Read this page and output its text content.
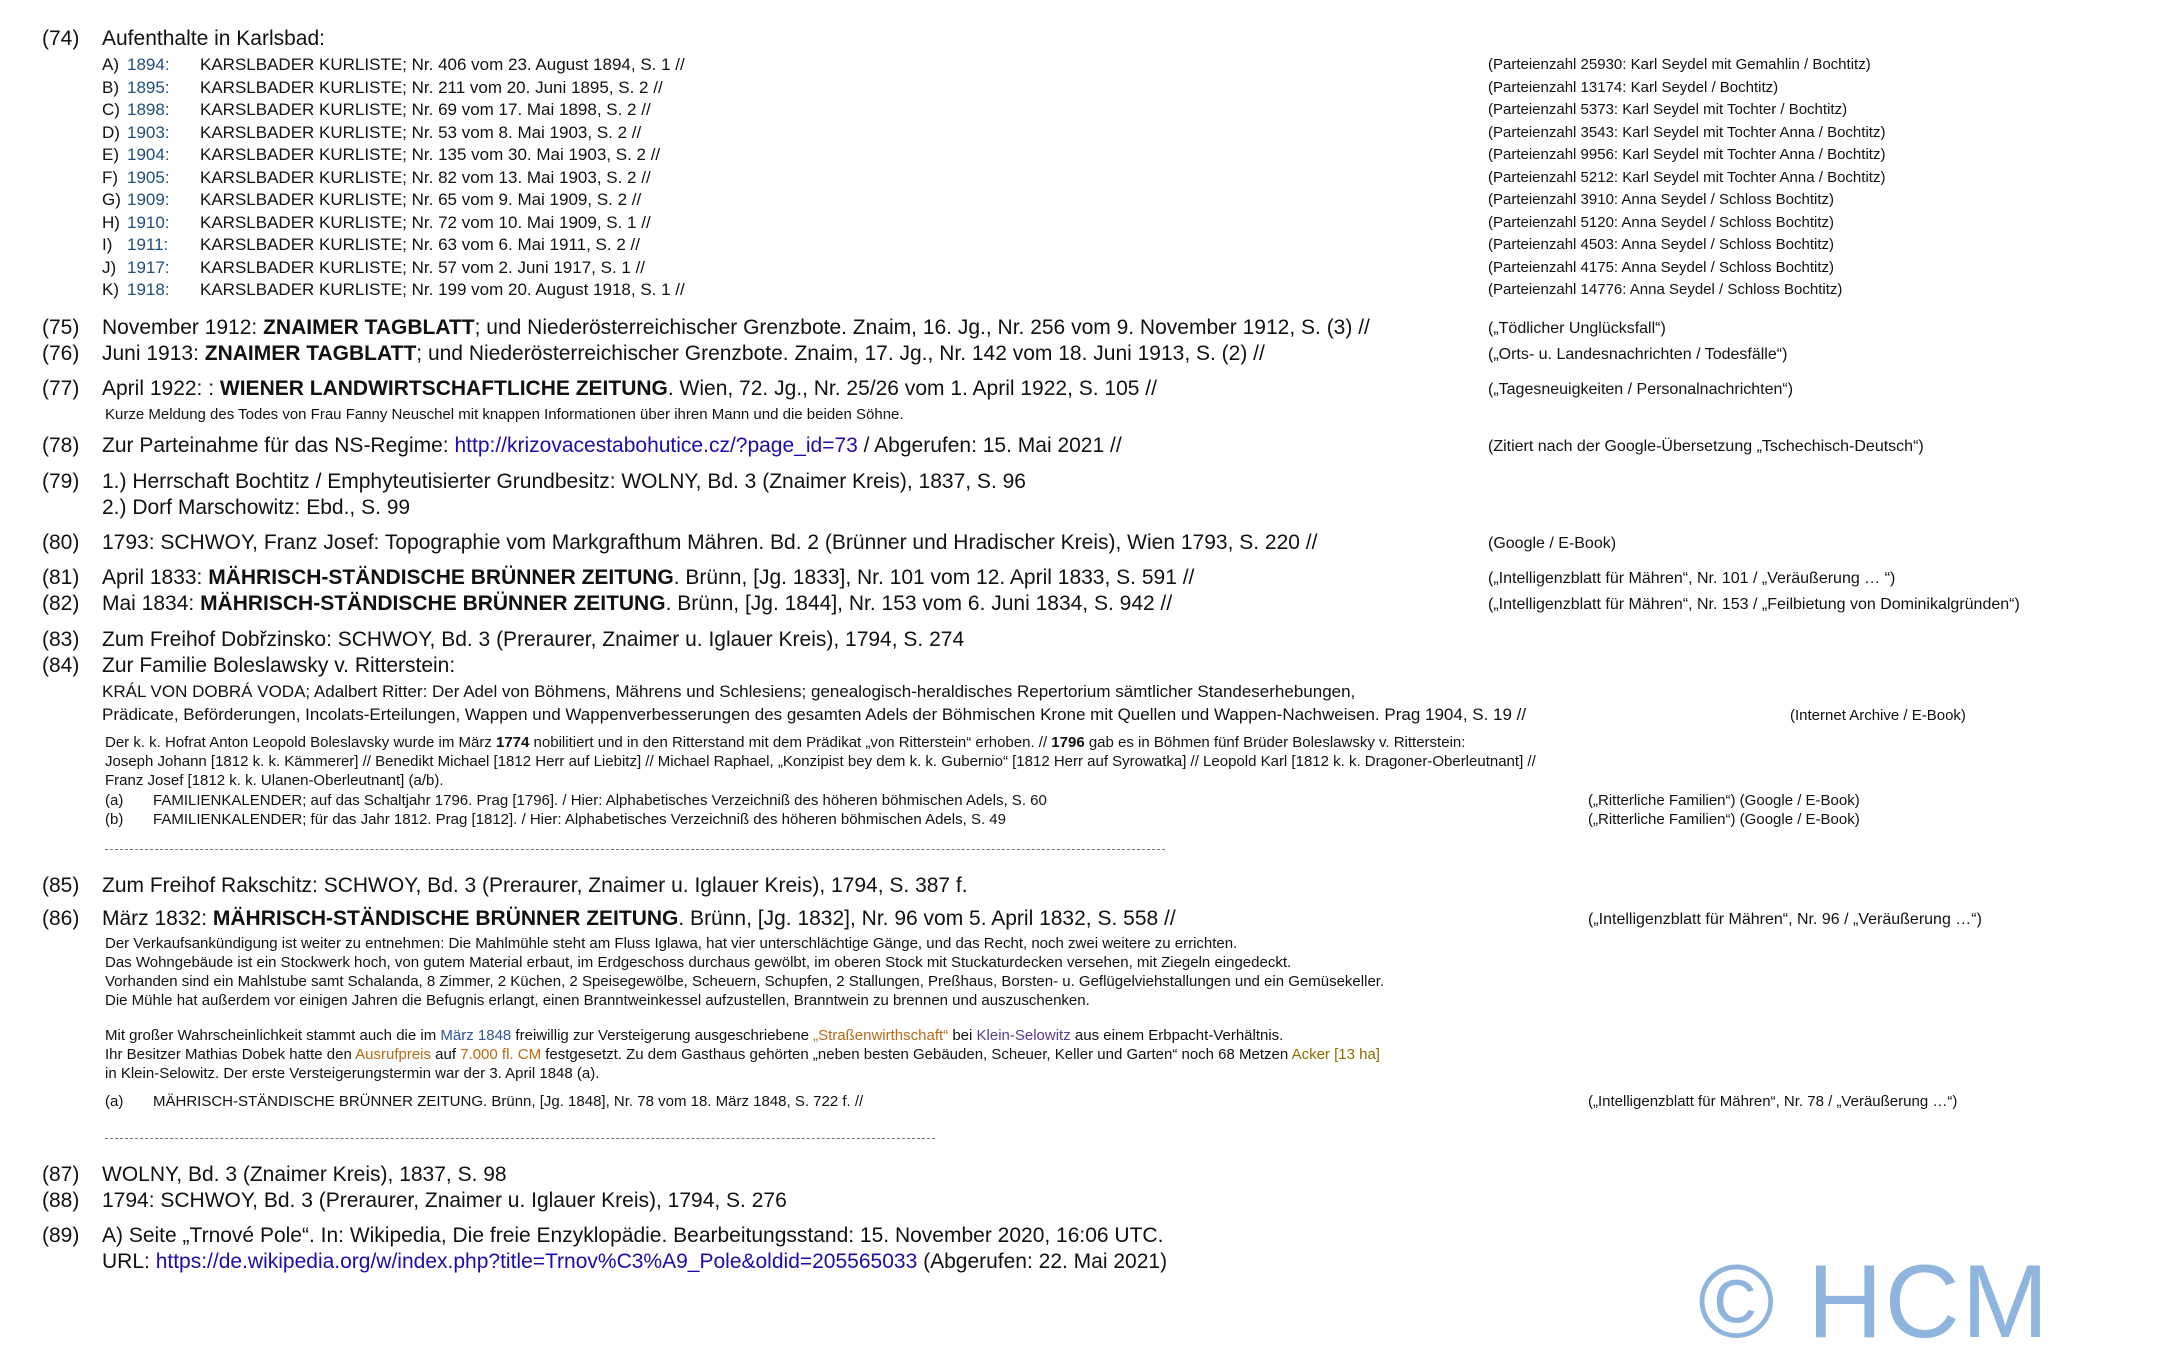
(74) Aufenthalte in Karlsbad:
A) 1894: KARSLBADER KURLISTE; Nr. 406 vom 23. August 1894, S. 1 //	(Parteienzahl 25930: Karl Seydel mit Gemahlin / Bochtitz)
B) 1895: KARSLBADER KURLISTE; Nr. 211 vom 20. Juni 1895, S. 2 //	(Parteienzahl 13174: Karl Seydel / Bochtitz)
C) 1898: KARSLBADER KURLISTE; Nr. 69 vom 17. Mai 1898, S. 2 //	(Parteienzahl 5373: Karl Seydel mit Tochter / Bochtitz)
D) 1903: KARSLBADER KURLISTE; Nr. 53 vom 8. Mai 1903, S. 2 //	(Parteienzahl 3543: Karl Seydel mit Tochter Anna / Bochtitz)
E) 1904: KARSLBADER KURLISTE; Nr. 135 vom 30. Mai 1903, S. 2 //	(Parteienzahl 9956: Karl Seydel mit Tochter Anna / Bochtitz)
F) 1905: KARSLBADER KURLISTE; Nr. 82 vom 13. Mai 1903, S. 2 //	(Parteienzahl 5212: Karl Seydel mit Tochter Anna / Bochtitz)
G) 1909: KARSLBADER KURLISTE; Nr. 65 vom 9. Mai 1909, S. 2 //	(Parteienzahl 3910: Anna Seydel / Schloss Bochtitz)
H) 1910: KARSLBADER KURLISTE; Nr. 72 vom 10. Mai 1909, S. 1 //	(Parteienzahl 5120: Anna Seydel / Schloss Bochtitz)
I) 1911: KARSLBADER KURLISTE; Nr. 63 vom 6. Mai 1911, S. 2 //	(Parteienzahl 4503: Anna Seydel / Schloss Bochtitz)
J) 1917: KARSLBADER KURLISTE; Nr. 57 vom 2. Juni 1917, S. 1 //	(Parteienzahl 4175: Anna Seydel / Schloss Bochtitz)
K) 1918: KARSLBADER KURLISTE; Nr. 199 vom 20. August 1918, S. 1 //	(Parteienzahl 14776: Anna Seydel / Schloss Bochtitz)
(75) November 1912: ZNAIMER TAGBLATT; und Niederösterreichischer Grenzbote. Znaim, 16. Jg., Nr. 256 vom 9. November 1912, S. (3) //	(„Tödlicher Unglücksfall“)
(76) Juni 1913: ZNAIMER TAGBLATT; und Niederösterreichischer Grenzbote. Znaim, 17. Jg., Nr. 142 vom 18. Juni 1913, S. (2) //	(„Orts- u. Landesnachrichten / Todesfälle“)
(77) April 1922: : WIENER LANDWIRTSCHAFTLICHE ZEITUNG. Wien, 72. Jg., Nr. 25/26 vom 1. April 1922, S. 105 //	(„Tagesneuigkeiten / Personalnachrichten“)
Kurze Meldung des Todes von Frau Fanny Neuschel mit knappen Informationen über ihren Mann und die beiden Söhne.
(78) Zur Parteinahme für das NS-Regime: http://krizovacestabohutice.cz/?page_id=73 / Abgerufen: 15. Mai 2021 //	(Zitiert nach der Google-Übersetzung „Tschechisch-Deutsch“)
(79) 1.) Herrschaft Bochtitz / Emphyteutisierter Grundbesitz: WOLNY, Bd. 3 (Znaimer Kreis), 1837, S. 96
2.) Dorf Marschowitz: Ebd., S. 99
(80) 1793: SCHWOY, Franz Josef: Topographie vom Markgrafthum Mähren. Bd. 2 (Brünner und Hradischer Kreis), Wien 1793, S. 220 //	(Google / E-Book)
(81) April 1833: MÄHRISCH-STÄNDISCHE BRÜNNER ZEITUNG. Brünn, [Jg. 1833], Nr. 101 vom 12. April 1833, S. 591 //	(„Intelligenzblatt für Mähren“, Nr. 101 / „Veräußerung … “)
(82) Mai 1834: MÄHRISCH-STÄNDISCHE BRÜNNER ZEITUNG. Brünn, [Jg. 1844], Nr. 153 vom 6. Juni 1834, S. 942 //	(„Intelligenzblatt für Mähren“, Nr. 153 / „Feilbietung von Dominikalgründen“)
(83) Zum Freihof Dobřzinsko: SCHWOY, Bd. 3 (Preraurer, Znaimer u. Iglauer Kreis), 1794, S. 274
(84) Zur Familie Boleslawsky v. Ritterstein:
KRÁL VON DOBRÁ VODA; Adalbert Ritter: Der Adel von Böhmens, Mährens und Schlesiens; genealogisch-heraldisches Repertorium sämtlicher Standeserhebungen,
Prädicate, Beförderungen, Incolats-Erteilungen, Wappen und Wappenverbesserungen des gesamten Adels der Böhmischen Krone mit Quellen und Wappen-Nachweisen. Prag 1904, S. 19 //	(Internet Archive / E-Book)
Der k. k. Hofrat Anton Leopold Boleslavsky wurde im März 1774 nobilitiert und in den Ritterstand mit dem Prädikat „von Ritterstein“ erhoben. // 1796 gab es in Böhmen fünf Brüder Boleslawsky v. Ritterstein:
Joseph Johann [1812 k. k. Kämmerer] // Benedikt Michael [1812 Herr auf Liebitz] // Michael Raphael, „Konzipist bey dem k. k. Gubernio“ [1812 Herr auf Syrowatka] // Leopold Karl [1812 k. k. Dragoner-Oberleutnant] //
Franz Josef [1812 k. k. Ulanen-Oberleutnant] (a/b).
(a) FAMILIENKALENDER; auf das Schaltjahr 1796. Prag [1796]. / Hier: Alphabetisches Verzeichniß des höheren böhmischen Adels, S. 60	(„Ritterliche Familien“) (Google / E-Book)
(b) FAMILIENKALENDER; für das Jahr 1812. Prag [1812]. / Hier: Alphabetisches Verzeichniß des höheren böhmischen Adels, S. 49	(„Ritterliche Familien“) (Google / E-Book)
(85) Zum Freihof Rakschitz: SCHWOY, Bd. 3 (Preraurer, Znaimer u. Iglauer Kreis), 1794, S. 387 f.
(86) März 1832: MÄHRISCH-STÄNDISCHE BRÜNNER ZEITUNG. Brünn, [Jg. 1832], Nr. 96 vom 5. April 1832, S. 558 //	(„Intelligenzblatt für Mähren“, Nr. 96 / „Veräußerung …“)
Der Verkaufsankündigung ist weiter zu entnehmen: Die Mahlmühle steht am Fluss Iglawa, hat vier unterschlächtige Gänge, und das Recht, noch zwei weitere zu errichten.
Das Wohngebäude ist ein Stockwerk hoch, von gutem Material erbaut, im Erdgeschoss durchaus gewölbt, im oberen Stock mit Stuckaturdecken versehen, mit Ziegeln eingedeckt.
Vorhanden sind ein Mahlstube samt Schalanda, 8 Zimmer, 2 Küchen, 2 Speisegewölbe, Scheuern, Schupfen, 2 Stallungen, Preßhaus, Borsten- u. Geflügelviehstallungen und ein Gemüsekeller.
Die Mühle hat außerdem vor einigen Jahren die Befugnis erlangt, einen Branntweinkessel aufzustellen, Branntwein zu brennen und auszuschenken.
Mit großer Wahrscheinlichkeit stammt auch die im März 1848 freiwillig zur Versteigerung ausgeschriebene „Straßenwirthschaft“ bei Klein-Selowitz aus einem Erbpacht-Verhältnis.
Ihr Besitzer Mathias Dobek hatte den Ausrufpreis auf 7.000 fl. CM festgesetzt. Zu dem Gasthaus gehörten „neben besten Gebäuden, Scheuer, Keller und Garten“ noch 68 Metzen Acker [13 ha]
in Klein-Selowitz. Der erste Versteigerungstermin war der 3. April 1848 (a).
(a) MÄHRISCH-STÄNDISCHE BRÜNNER ZEITUNG. Brünn, [Jg. 1848], Nr. 78 vom 18. März 1848, S. 722 f. //	(„Intelligenzblatt für Mähren“, Nr. 78 / „Veräußerung …“)
(87) WOLNY, Bd. 3 (Znaimer Kreis), 1837, S. 98
(88) 1794: SCHWOY, Bd. 3 (Preraurer, Znaimer u. Iglauer Kreis), 1794, S. 276
(89) A) Seite „Trnové Pole“. In: Wikipedia, Die freie Enzyklopädie. Bearbeitungsstand: 15. November 2020, 16:06 UTC.
URL: https://de.wikipedia.org/w/index.php?title=Trnov%C3%A9_Pole&oldid=205565033 (Abgerufen: 22. Mai 2021)	© HCM
